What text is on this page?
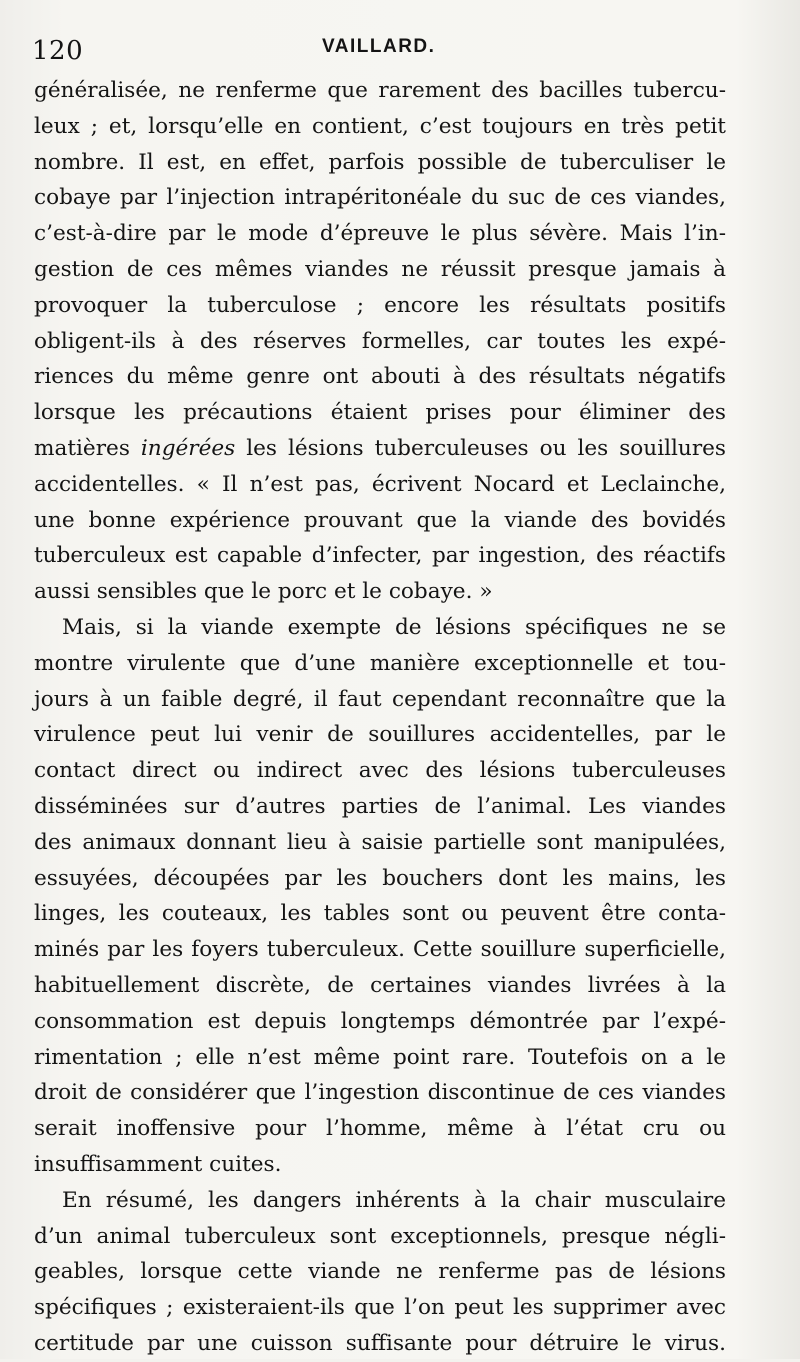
120	VAILLARD.
généralisée, ne renferme que rarement des bacilles tubercu-
leux ; et, lorsqu’elle en contient, c’est toujours en très petit
nombre. Il est, en effet, parfois possible de tuberculiser le
cobaye par l’injection intrapéritonéale du suc de ces viandes,
c’est-à-dire par le mode d’épreuve le plus sévère. Mais l’in-
gestion de ces mêmes viandes ne réussit presque jamais à
provoquer la tuberculose ; encore les résultats positifs
obligent-ils à des réserves formelles, car toutes les expé-
riences du même genre ont abouti à des résultats négatifs
lorsque les précautions étaient prises pour éliminer des
matières ingérées les lésions tuberculeuses ou les souillures
accidentelles. « Il n’est pas, écrivent Nocard et Leclainche,
une bonne expérience prouvant que la viande des bovidés
tuberculeux est capable d’infecter, par ingestion, des réactifs
aussi sensibles que le porc et le cobaye. »
Mais, si la viande exempte de lésions spécifiques ne se
montre virulente que d’une manière exceptionnelle et tou-
jours à un faible degré, il faut cependant reconnaître que la
virulence peut lui venir de souillures accidentelles, par le
contact direct ou indirect avec des lésions tuberculeuses
disséminées sur d’autres parties de l’animal. Les viandes
des animaux donnant lieu à saisie partielle sont manipulées,
essuyées, découpées par les bouchers dont les mains, les
linges, les couteaux, les tables sont ou peuvent être conta-
minés par les foyers tuberculeux. Cette souillure superficielle,
habituellement discrète, de certaines viandes livrées à la
consommation est depuis longtemps démontrée par l’expé-
rimentation ; elle n’est même point rare. Toutefois on a le
droit de considérer que l’ingestion discontinue de ces viandes
serait inoffensive pour l’homme, même à l’état cru ou
insuffisamment cuites.
En résumé, les dangers inhérents à la chair musculaire
d’un animal tuberculeux sont exceptionnels, presque négli-
geables, lorsque cette viande ne renferme pas de lésions
spécifiques ; existeraient-ils que l’on peut les supprimer avec
certitude par une cuisson suffisante pour détruire le virus.
